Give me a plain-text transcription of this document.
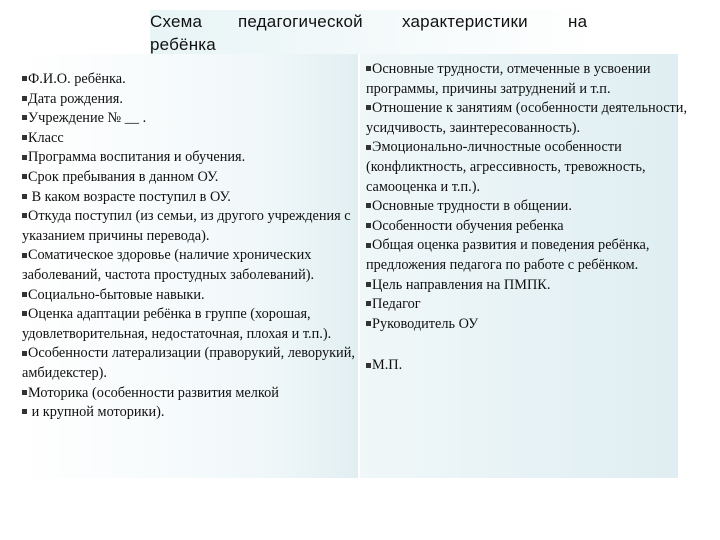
Схема педагогической характеристики на
ребёнка
Ф.И.О. ребёнка.
Дата рождения.
Учреждение № __ .
Класс
Программа воспитания и обучения.
Срок пребывания в данном ОУ.
В каком возрасте поступил в ОУ.
Откуда поступил (из семьи, из другого учреждения с указанием причины перевода).
Соматическое здоровье (наличие хронических заболеваний, частота простудных заболеваний).
Социально-бытовые навыки.
Оценка адаптации ребёнка в группе (хорошая, удовлетворительная, недостаточная, плохая и т.п.).
Особенности латерализации (праворукий, леворукий, амбидекстер).
Моторика (особенности развития мелкой
и крупной моторики).
Основные трудности, отмеченные в усвоении программы, причины затруднений и т.п.
Отношение к занятиям (особенности деятельности, усидчивость, заинтересованность).
Эмоционально-личностные особенности (конфликтность, агрессивность, тревожность, самооценка и т.п.).
Основные трудности в общении.
Особенности обучения ребенка
Общая оценка развития и поведения ребёнка, предложения педагога по работе с ребёнком.
Цель направления на ПМПК.
Педагог
Руководитель ОУ
М.П.
